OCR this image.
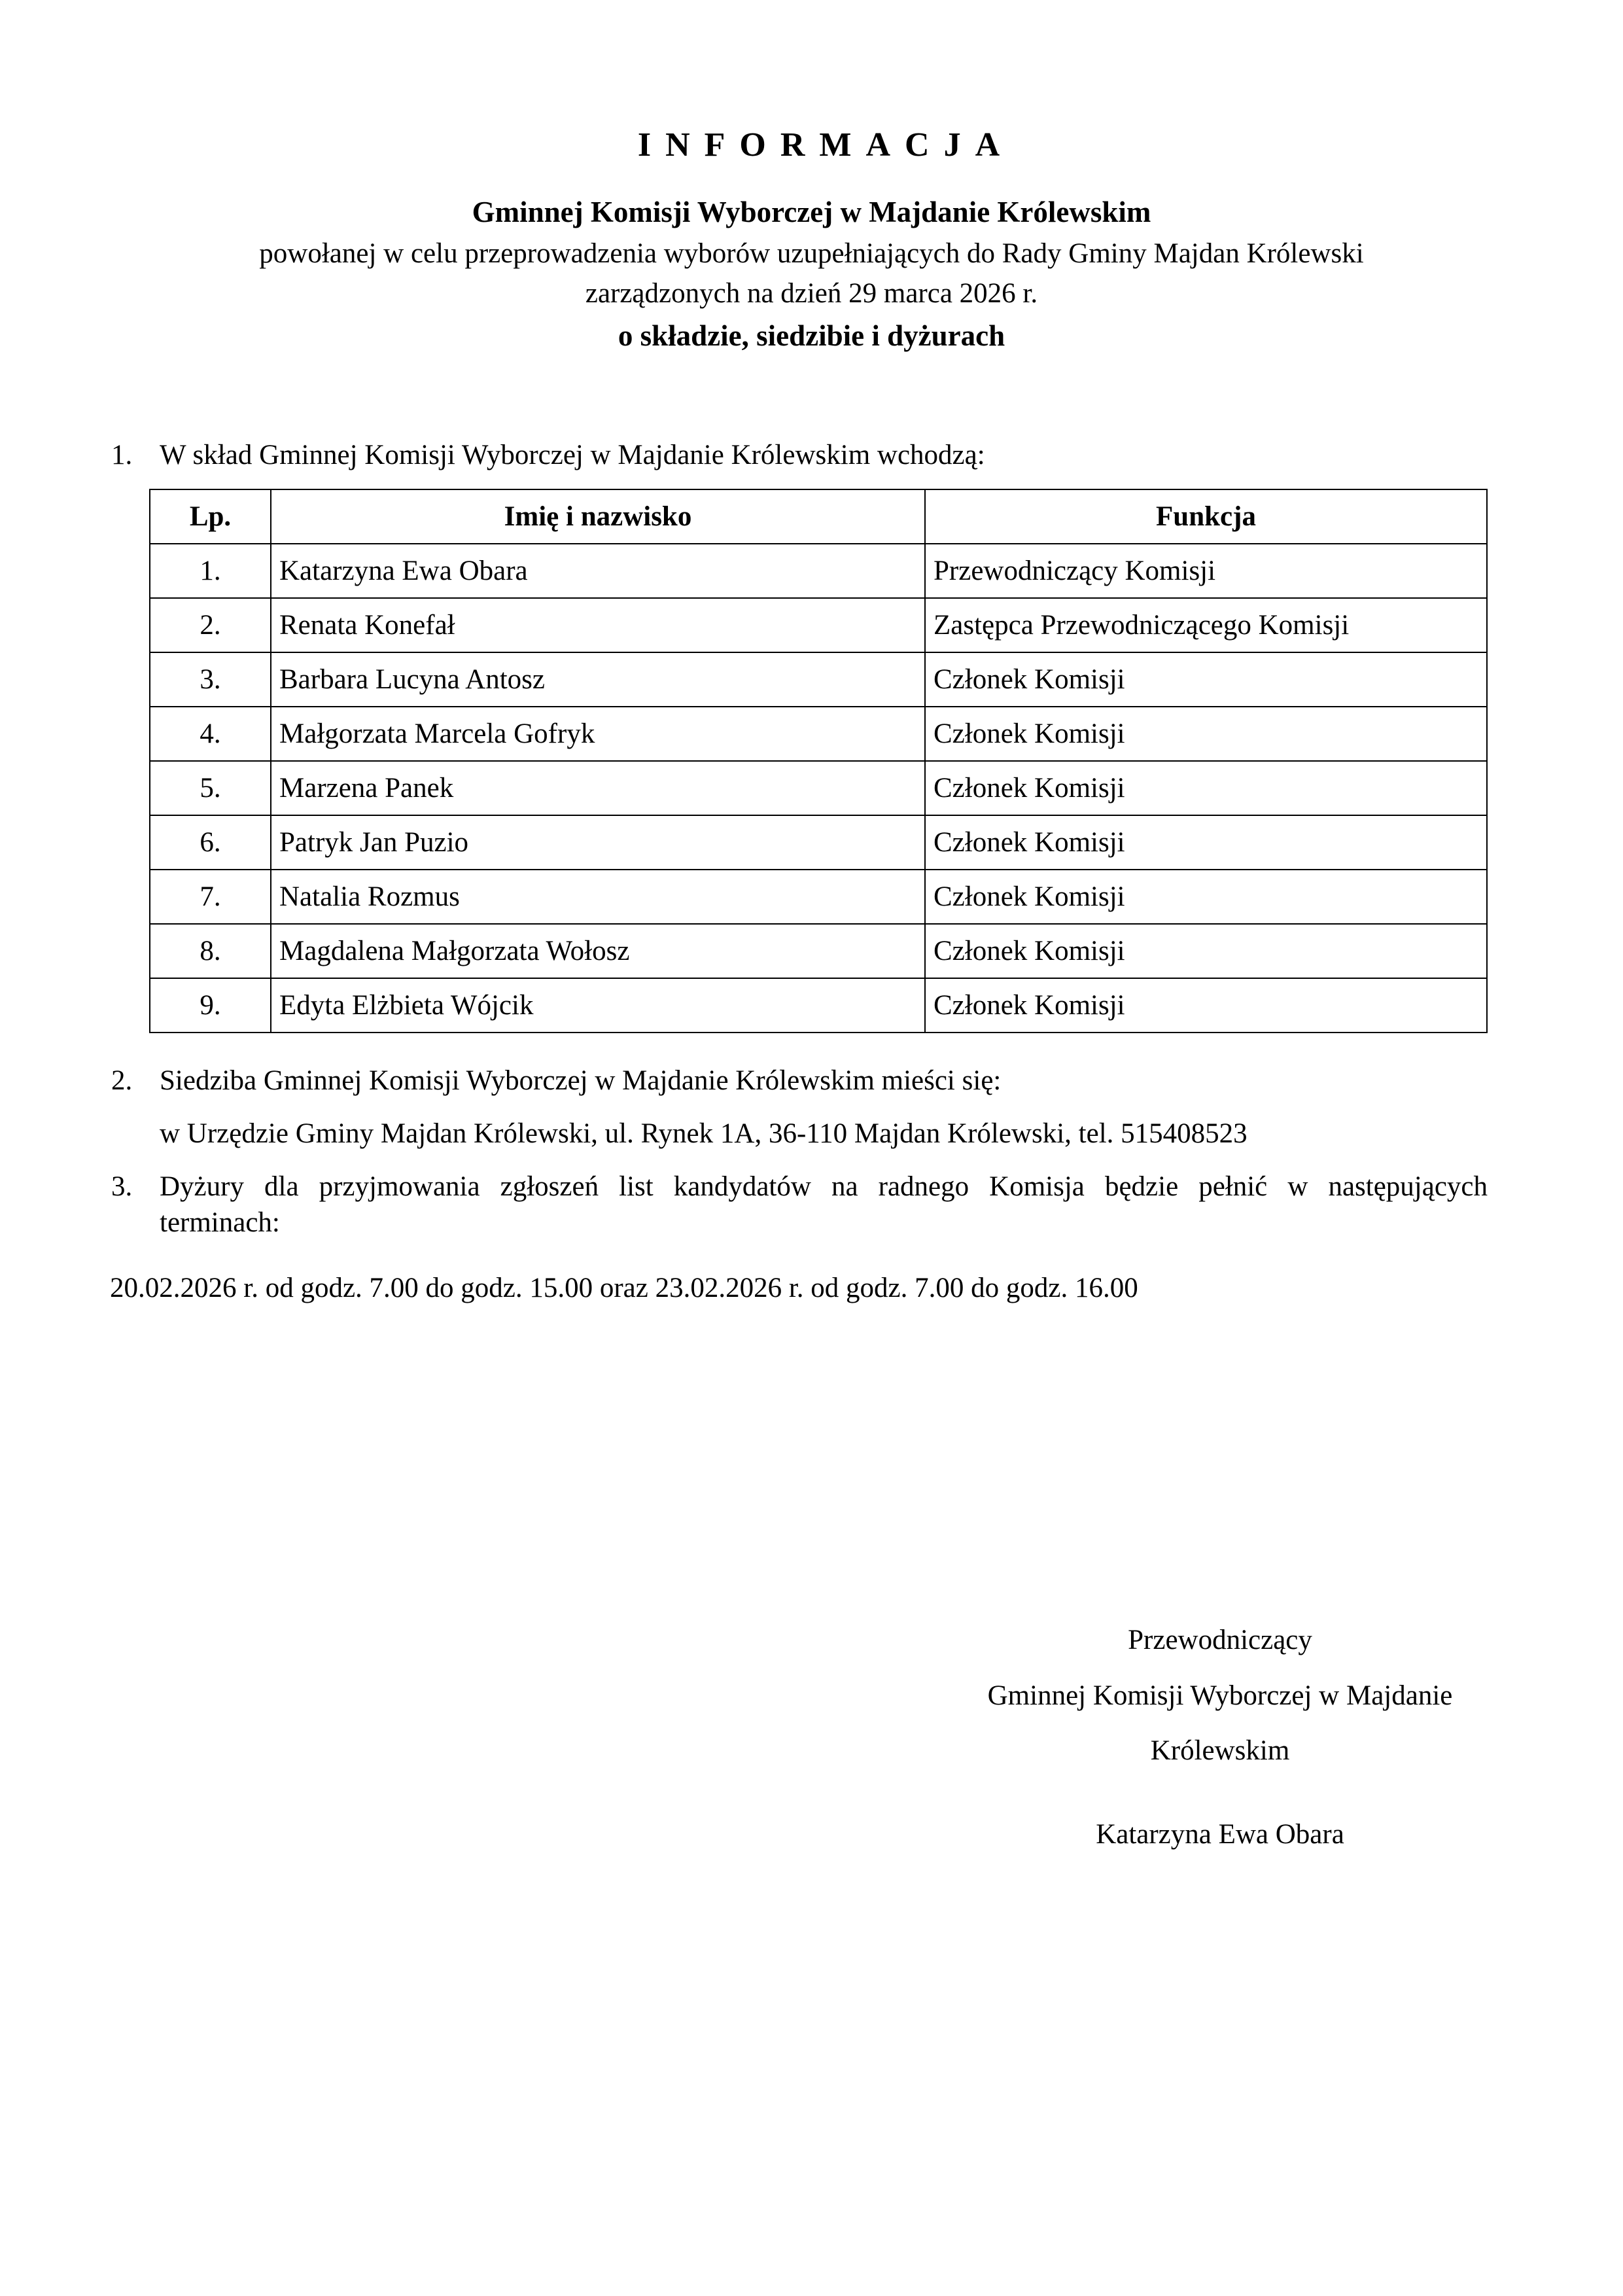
INFORMACJA
Gminnej Komisji Wyborczej w Majdanie Królewskim
powołanej w celu przeprowadzenia wyborów uzupełniających do Rady Gminy Majdan Królewski
zarządzonych na dzień 29 marca 2026 r.
o składzie, siedzibie i dyżurach
1. W skład Gminnej Komisji Wyborczej w Majdanie Królewskim wchodzą:
Lp.	Imię i nazwisko	Funkcja
1.	Katarzyna Ewa Obara	Przewodniczący Komisji
2.	Renata Konefał	Zastępca Przewodniczącego Komisji
3.	Barbara Lucyna Antosz	Członek Komisji
4.	Małgorzata Marcela Gofryk	Członek Komisji
5.	Marzena Panek	Członek Komisji
6.	Patryk Jan Puzio	Członek Komisji
7.	Natalia Rozmus	Członek Komisji
8.	Magdalena Małgorzata Wołosz	Członek Komisji
9.	Edyta Elżbieta Wójcik	Członek Komisji
2. Siedziba Gminnej Komisji Wyborczej w Majdanie Królewskim mieści się:
w Urzędzie Gminy Majdan Królewski, ul. Rynek 1A, 36-110 Majdan Królewski, tel. 515408523
3. Dyżury dla przyjmowania zgłoszeń list kandydatów na radnego Komisja będzie pełnić w następujących
terminach:
20.02.2026 r. od godz. 7.00 do godz. 15.00 oraz 23.02.2026 r. od godz. 7.00 do godz. 16.00
Przewodniczący
Gminnej Komisji Wyborczej w Majdanie
Królewskim
Katarzyna Ewa Obara
